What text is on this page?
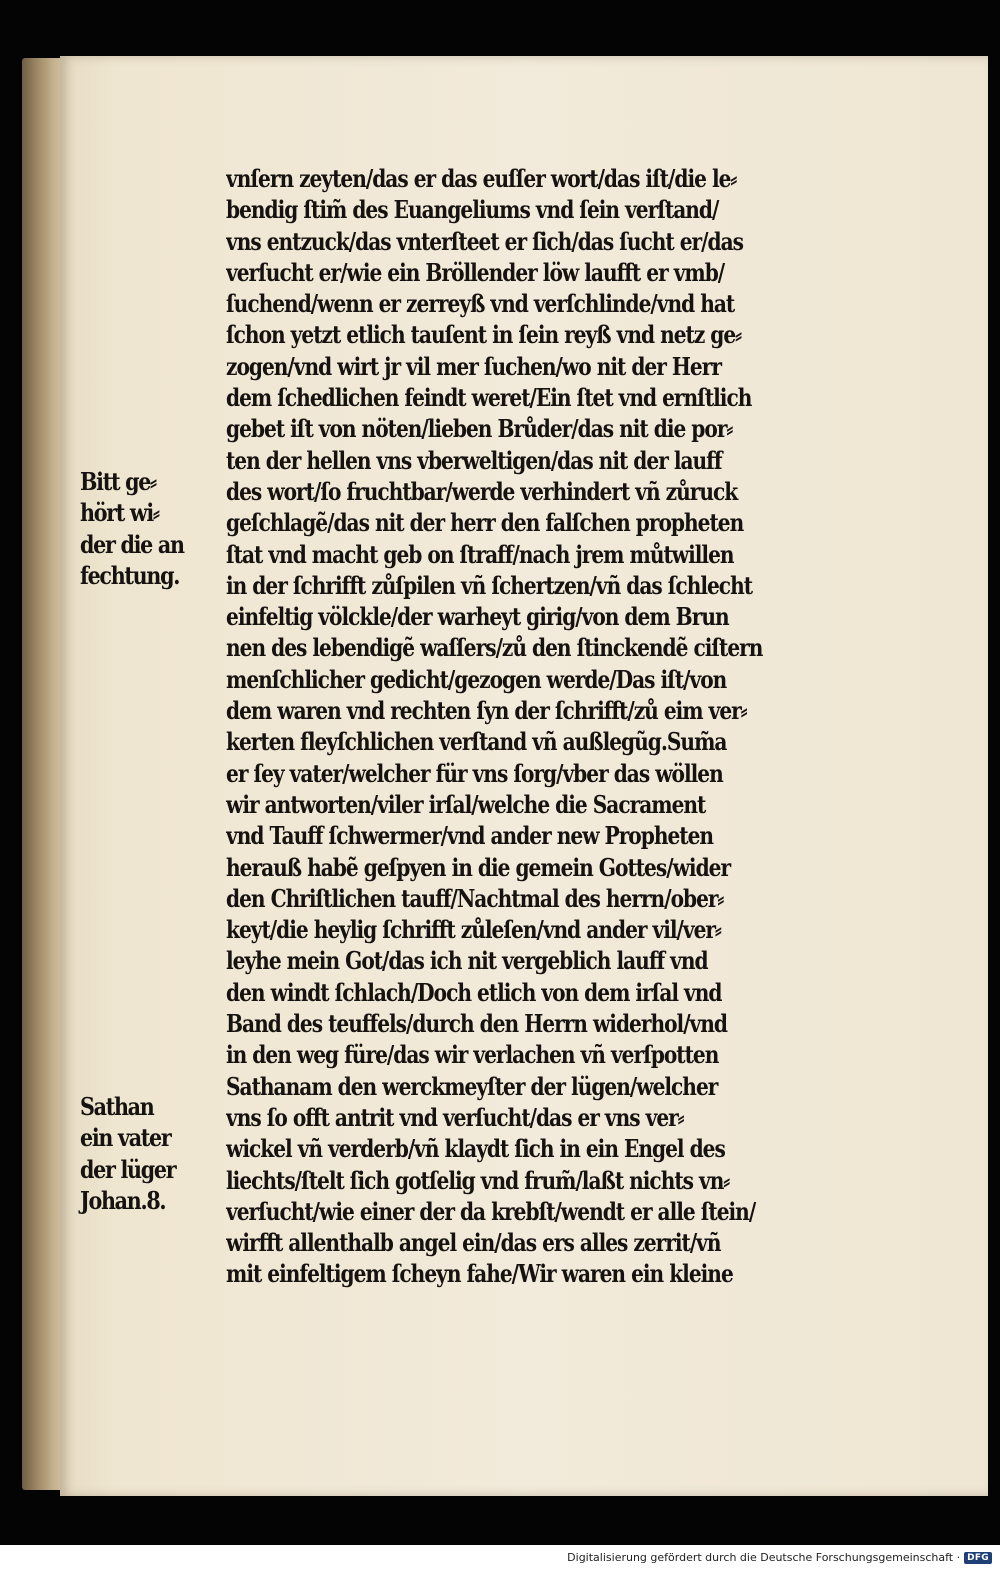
vnſern zeyten/das er das euſſer wort/das iſt/die le⸗
bendig ſtim̃ des Euangeliums vnd ſein verſtand/
vns entzuck/das vnterſteet er ſich/das ſucht er/das
verſucht er/wie ein Bröllender löw laufft er vmb/
ſuchend/wenn er zerreyß vnd verſchlinde/vnd hat
ſchon yetzt etlich tauſent in ſein reyß vnd netz ge⸗
zogen/vnd wirt jr vil mer ſuchen/wo nit der Herr
dem ſchedlichen feindt weret/Ein ſtet vnd ernſtlich
gebet iſt von nöten/lieben Brůder/das nit die por⸗
ten der hellen vns vberweltigen/das nit der lauff
des wort/ſo fruchtbar/werde verhindert vñ zůruck
geſchlagẽ/das nit der herr den falſchen propheten
ſtat vnd macht geb on ſtraff/nach jrem můtwillen
in der ſchrifft zůſpilen vñ ſchertzen/vñ das ſchlecht
einfeltig völckle/der warheyt girig/von dem Brun
nen des lebendigẽ waſſers/zů den ſtinckendẽ ciſtern
menſchlicher gedicht/gezogen werde/Das iſt/von
dem waren vnd rechten ſyn der ſchrifft/zů eim ver⸗
kerten fleyſchlichen verſtand vñ außlegũg.Sum̃a
er ſey vater/welcher für vns ſorg/vber das wöllen
wir antworten/viler irſal/welche die Sacrament
vnd Tauff ſchwermer/vnd ander new Propheten
herauß habẽ geſpyen in die gemein Gottes/wider
den Chriſtlichen tauff/Nachtmal des herrn/ober⸗
keyt/die heylig ſchrifft zůleſen/vnd ander vil/ver⸗
leyhe mein Got/das ich nit vergeblich lauff vnd
den windt ſchlach/Doch etlich von dem irſal vnd
Band des teuffels/durch den Herrn widerhol/vnd
in den weg füre/das wir verlachen vñ verſpotten
Sathanam den werckmeyſter der lügen/welcher
vns ſo offt antrit vnd verſucht/das er vns ver⸗
wickel vñ verderb/vñ klaydt ſich in ein Engel des
liechts/ſtelt ſich gotſelig vnd frum̃/laßt nichts vn⸗
verſucht/wie einer der da krebſt/wendt er alle ſtein/
wirfft allenthalb angel ein/das ers alles zerrit/vñ
mit einfeltigem ſcheyn fahe/Wir waren ein kleine
Bitt ge⸗
hört wi⸗
der die an
fechtung.
Sathan
ein vater
der lüger
Johan.8.
Digitalisierung gefördert durch die Deutsche Forschungsgemeinschaft · DFG
